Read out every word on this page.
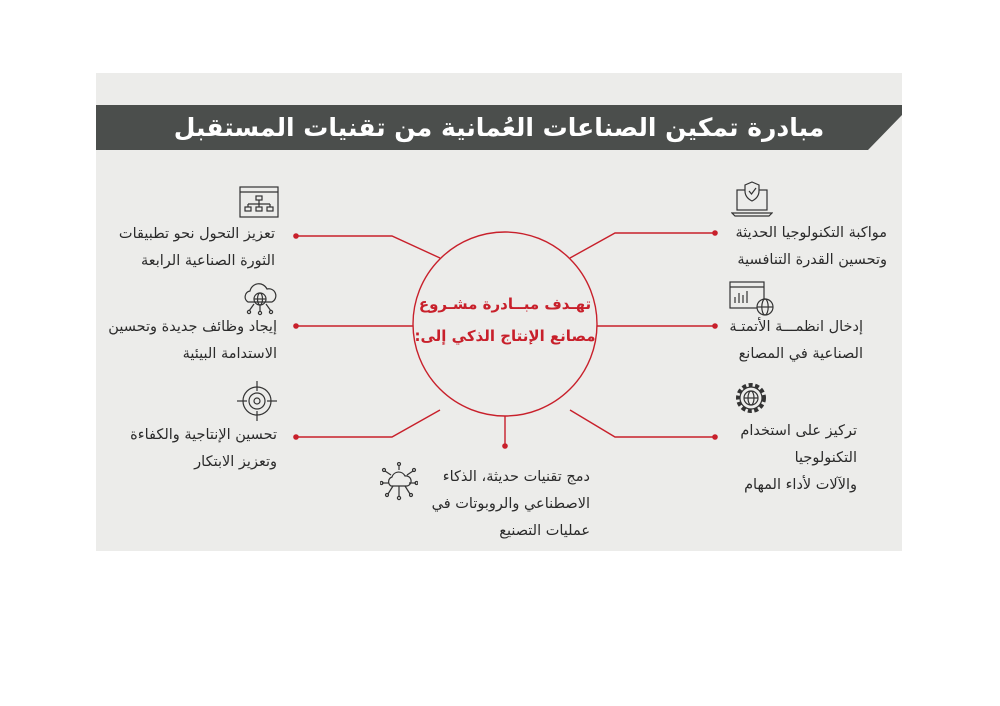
مبادرة تمكين الصناعات العُمانية من تقنيات المستقبل
تهـدف مبــادرة مشـروع
مصانع الإنتاج الذكي إلى:
تعزيز التحول نحو تطبيقات
الثورة الصناعية الرابعة
إيجاد وظائف جديدة وتحسين
الاستدامة البيئية
تحسين الإنتاجية والكفاءة
وتعزيز الابتكار
دمج تقنيات حديثة، الذكاء
الاصطناعي والروبوتات في
عمليات التصنيع
مواكبة التكنولوجيا الحديثة
وتحسين القدرة التنافسية
إدخال انظمـــة الأتمتـة
الصناعية في المصانع
تركيز على استخدام
التكنولوجيا
والآلات لأداء المهام
